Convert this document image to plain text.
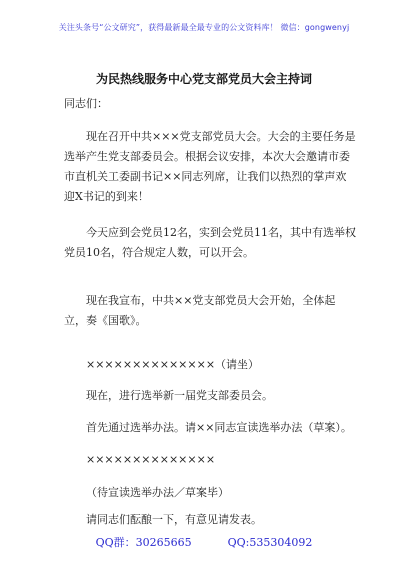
关注头条号“公文研究”，获得最新最全最专业的公文资料库！ 微信：gongwenyj
为民热线服务中心党支部党员大会主持词
同志们：
现在召开中共×××党支部党员大会。大会的主要任务是选举产生党支部委员会。根据会议安排，本次大会邀请市委市直机关工委副书记××同志列席，让我们以热烈的掌声欢迎X书记的到来！
今天应到会党员12名，实到会党员11名，其中有选举权党员10名，符合规定人数，可以开会。
现在我宣布，中共××党支部党员大会开始，全体起立，奏《国歌》。
××××××××××××××（请坐）
现在，进行选举新一届党支部委员会。
首先通过选举办法。请××同志宣读选举办法（草案）。
××××××××××××××
（待宣读选举办法／草案毕）
请同志们酝酿一下，有意见请发表。
QQ群：30265665	QQ:535304092
